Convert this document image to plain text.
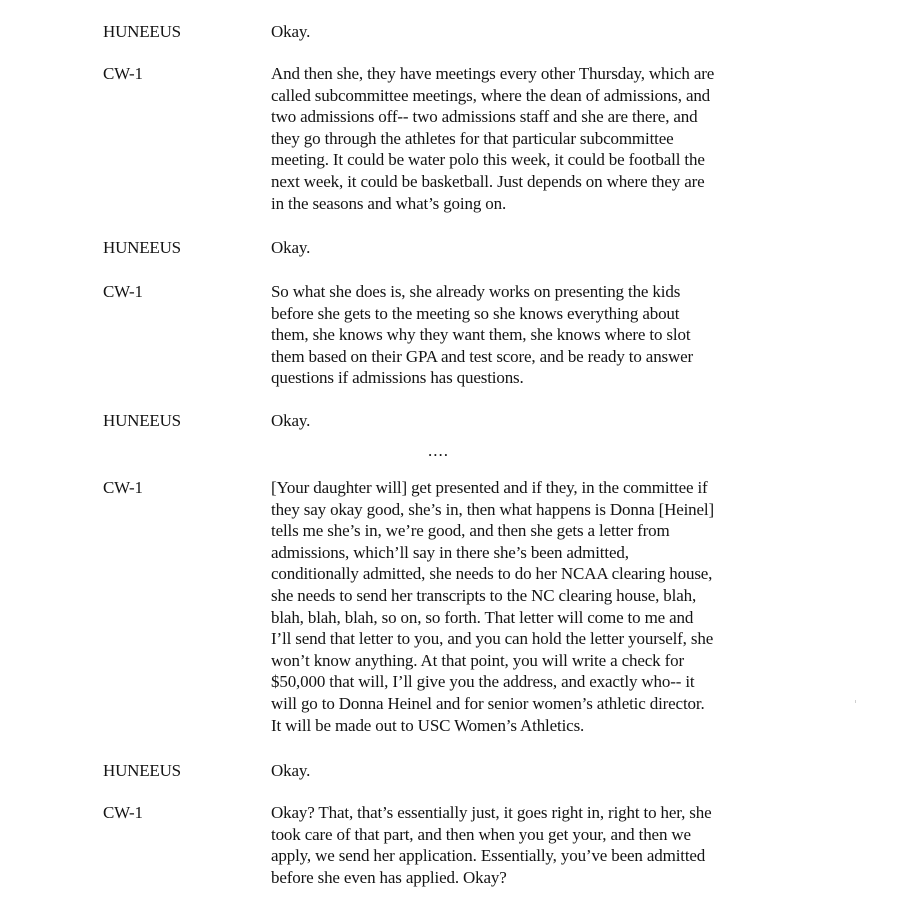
HUNEEUS	Okay.
CW-1	And then she, they have meetings every other Thursday, which are
called subcommittee meetings, where the dean of admissions, and
two admissions off-- two admissions staff and she are there, and
they go through the athletes for that particular subcommittee
meeting. It could be water polo this week, it could be football the
next week, it could be basketball. Just depends on where they are
in the seasons and what’s going on.
HUNEEUS	Okay.
CW-1	So what she does is, she already works on presenting the kids
before she gets to the meeting so she knows everything about
them, she knows why they want them, she knows where to slot
them based on their GPA and test score, and be ready to answer
questions if admissions has questions.
HUNEEUS	Okay.
....
CW-1	[Your daughter will] get presented and if they, in the committee if
they say okay good, she’s in, then what happens is Donna [Heinel]
tells me she’s in, we’re good, and then she gets a letter from
admissions, which’ll say in there she’s been admitted,
conditionally admitted, she needs to do her NCAA clearing house,
she needs to send her transcripts to the NC clearing house, blah,
blah, blah, blah, so on, so forth. That letter will come to me and
I’ll send that letter to you, and you can hold the letter yourself, she
won’t know anything. At that point, you will write a check for
$50,000 that will, I’ll give you the address, and exactly who-- it
will go to Donna Heinel and for senior women’s athletic director.
It will be made out to USC Women’s Athletics.
HUNEEUS	Okay.
CW-1	Okay? That, that’s essentially just, it goes right in, right to her, she
took care of that part, and then when you get your, and then we
apply, we send her application. Essentially, you’ve been admitted
before she even has applied. Okay?
